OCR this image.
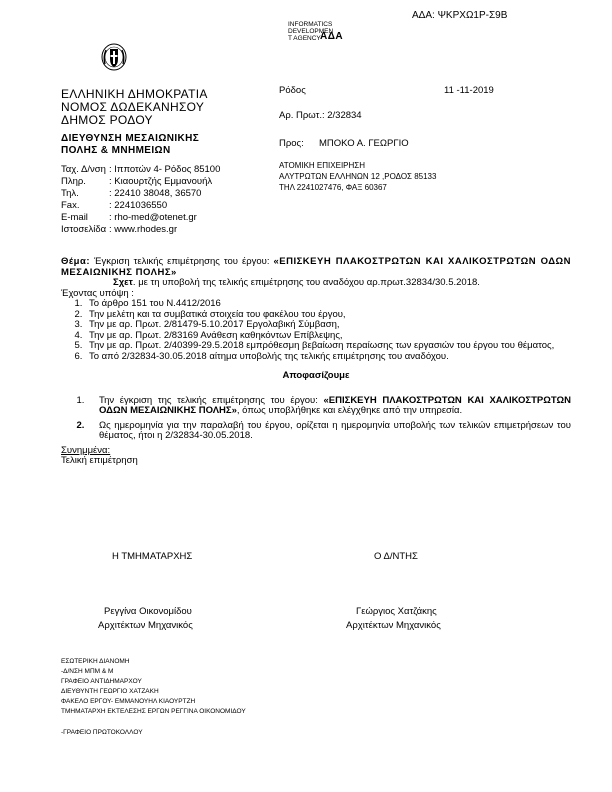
ΑΔΑ: ΨΚΡΧΩ1Ρ-Σ9Β
INFORMATICS
DEVELOPMEN
T AGENCY ΑΔΑ
ΕΛΛΗΝΙΚΗ ΔΗΜΟΚΡΑΤΙΑ
ΝΟΜΟΣ ΔΩΔΕΚΑΝΗΣΟΥ
ΔΗΜΟΣ ΡΟΔΟΥ
ΔΙΕΥΘΥΝΣΗ ΜΕΣΑΙΩΝΙΚΗΣ
ΠΟΛΗΣ & ΜΝΗΜΕΙΩΝ
Ταχ. Δ/νση	: Ιπποτών 4- Ρόδος 85100
Πληρ.	: Κιαουρτζής Εμμανουήλ
Τηλ.	: 22410 38048, 36570
Fax.	: 2241036550
E-mail	: rho-med@otenet.gr
Ιστοσελίδα	: www.rhodes.gr
Ρόδος	11 -11-2019
Αρ. Πρωτ.: 2/32834
Προς: ΜΠΟΚΟ Α. ΓΕΩΡΓΙΟ
ΑΤΟΜΙΚΗ ΕΠΙΧΕΙΡΗΣΗ
ΑΛΥΤΡΩΤΩΝ ΕΛΛΗΝΩΝ 12 ,ΡΟΔΟΣ 85133
ΤΗΛ 2241027476, ΦΑΞ 60367
Θέμα: Έγκριση τελικής επιμέτρησης του έργου: «ΕΠΙΣΚΕΥΗ ΠΛΑΚΟΣΤΡΩΤΩΝ ΚΑΙ ΧΑΛΙΚΟΣΤΡΩΤΩΝ ΟΔΩΝ ΜΕΣΑΙΩΝΙΚΗΣ ΠΟΛΗΣ»
Σχετ. με τη υποβολή της τελικής επιμέτρησης του αναδόχου αρ.πρωτ.32834/30.5.2018.
Έχοντας υπόψη :
1. Το άρθρο 151 του Ν.4412/2016
2. Την μελέτη και τα συμβατικά στοιχεία του φακέλου του έργου,
3. Την με αρ. Πρωτ. 2/81479-5.10.2017 Εργολαβική Σύμβαση,
4. Την με αρ. Πρωτ. 2/83169 Ανάθεση καθηκόντων Επίβλεψης,
5. Την με αρ. Πρωτ. 2/40399-29.5.2018 εμπρόθεσμη βεβαίωση περαίωσης των εργασιών του έργου του θέματος,
6. Το από 2/32834-30.05.2018 αίτημα υποβολής της τελικής επιμέτρησης του αναδόχου.
Αποφασίζουμε
1. Την έγκριση της τελικής επιμέτρησης του έργου: «ΕΠΙΣΚΕΥΗ ΠΛΑΚΟΣΤΡΩΤΩΝ ΚΑΙ ΧΑΛΙΚΟΣΤΡΩΤΩΝ ΟΔΩΝ ΜΕΣΑΙΩΝΙΚΗΣ ΠΟΛΗΣ», όπως υποβλήθηκε και ελέγχθηκε από την υπηρεσία.
2. Ως ημερομηνία για την παραλαβή του έργου, ορίζεται η ημερομηνία υποβολής των τελικών επιμετρήσεων του θέματος, ήτοι η 2/32834-30.05.2018.
Συνημμένα:
Τελική επιμέτρηση
Η ΤΜΗΜΑΤΑΡΧΗΣ	Ο Δ/ΝΤΗΣ
Ρεγγίνα Οικονομίδου
Αρχιτέκτων Μηχανικός
Γεώργιος Χατζάκης
Αρχιτέκτων Μηχανικός
ΕΣΩΤΕΡΙΚΗ ΔΙΑΝΟΜΗ
-Δ/ΝΣΗ ΜΠΜ & Μ
ΓΡΑΦΕΙΟ ΑΝΤΙΔΗΜΑΡΧΟΥ
ΔΙΕΥΘΥΝΤΗ ΓΕΩΡΓΙΟ ΧΑΤΖΑΚΗ
ΦΑΚΕΛΟ ΕΡΓΟΥ- ΕΜΜΑΝΟΥΗΛ ΚΙΑΟΥΡΤΖΗ
ΤΜΗΜΑΤΑΡΧΗ ΕΚΤΕΛΕΣΗΣ ΕΡΓΩΝ ΡΕΓΓΙΝΑ ΟΙΚΟΝΟΜΙΔΟΥ
-ΓΡΑΦΕΙΟ ΠΡΩΤΟΚΟΛΛΟΥ
